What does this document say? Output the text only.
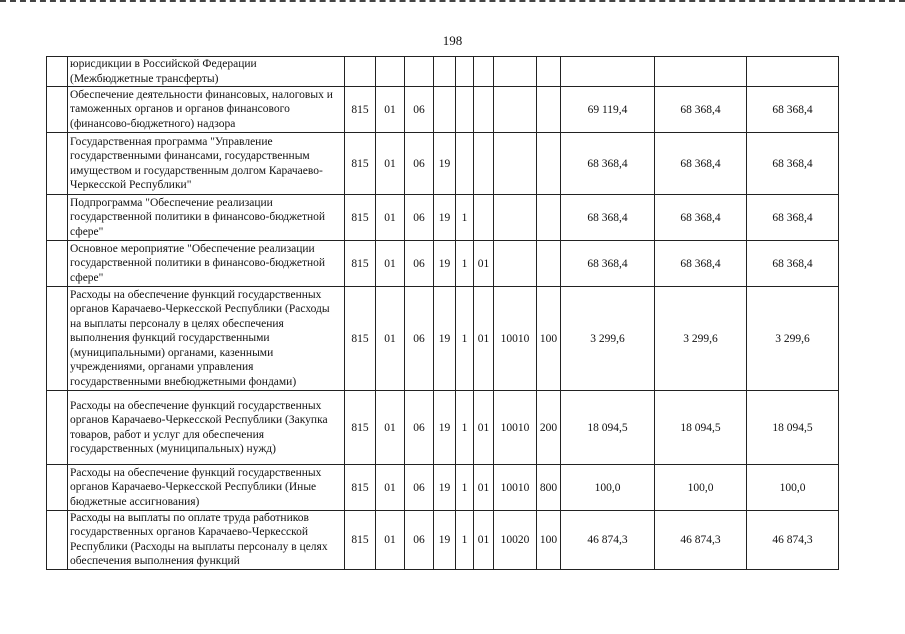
198
	юрисдикции в Российской Федерации (Межбюджетные трансферты)											
	Обеспечение деятельности финансовых, налоговых и таможенных органов и органов финансового (финансово-бюджетного) надзора	815	01	06						69 119,4	68 368,4	68 368,4
	Государственная программа "Управление государственными финансами, государственным имуществом и государственным долгом Карачаево-Черкесской Республики"	815	01	06	19					68 368,4	68 368,4	68 368,4
	Подпрограмма "Обеспечение реализации государственной политики в финансово-бюджетной сфере"	815	01	06	19	1				68 368,4	68 368,4	68 368,4
	Основное мероприятие "Обеспечение реализации государственной политики в финансово-бюджетной сфере"	815	01	06	19	1	01			68 368,4	68 368,4	68 368,4
	Расходы на обеспечение функций государственных органов Карачаево-Черкесской Республики (Расходы на выплаты персоналу в целях обеспечения выполнения функций государственными (муниципальными) органами, казенными учреждениями, органами управления государственными внебюджетными фондами)	815	01	06	19	1	01	10010	100	3 299,6	3 299,6	3 299,6
	Расходы на обеспечение функций государственных органов Карачаево-Черкесской Республики (Закупка товаров, работ и услуг для обеспечения государственных (муниципальных) нужд)	815	01	06	19	1	01	10010	200	18 094,5	18 094,5	18 094,5
	Расходы на обеспечение функций государственных органов Карачаево-Черкесской Республики (Иные бюджетные ассигнования)	815	01	06	19	1	01	10010	800	100,0	100,0	100,0
	Расходы на выплаты по оплате труда работников государственных органов Карачаево-Черкесской Республики (Расходы на выплаты персоналу в целях обеспечения выполнения функций	815	01	06	19	1	01	10020	100	46 874,3	46 874,3	46 874,3
